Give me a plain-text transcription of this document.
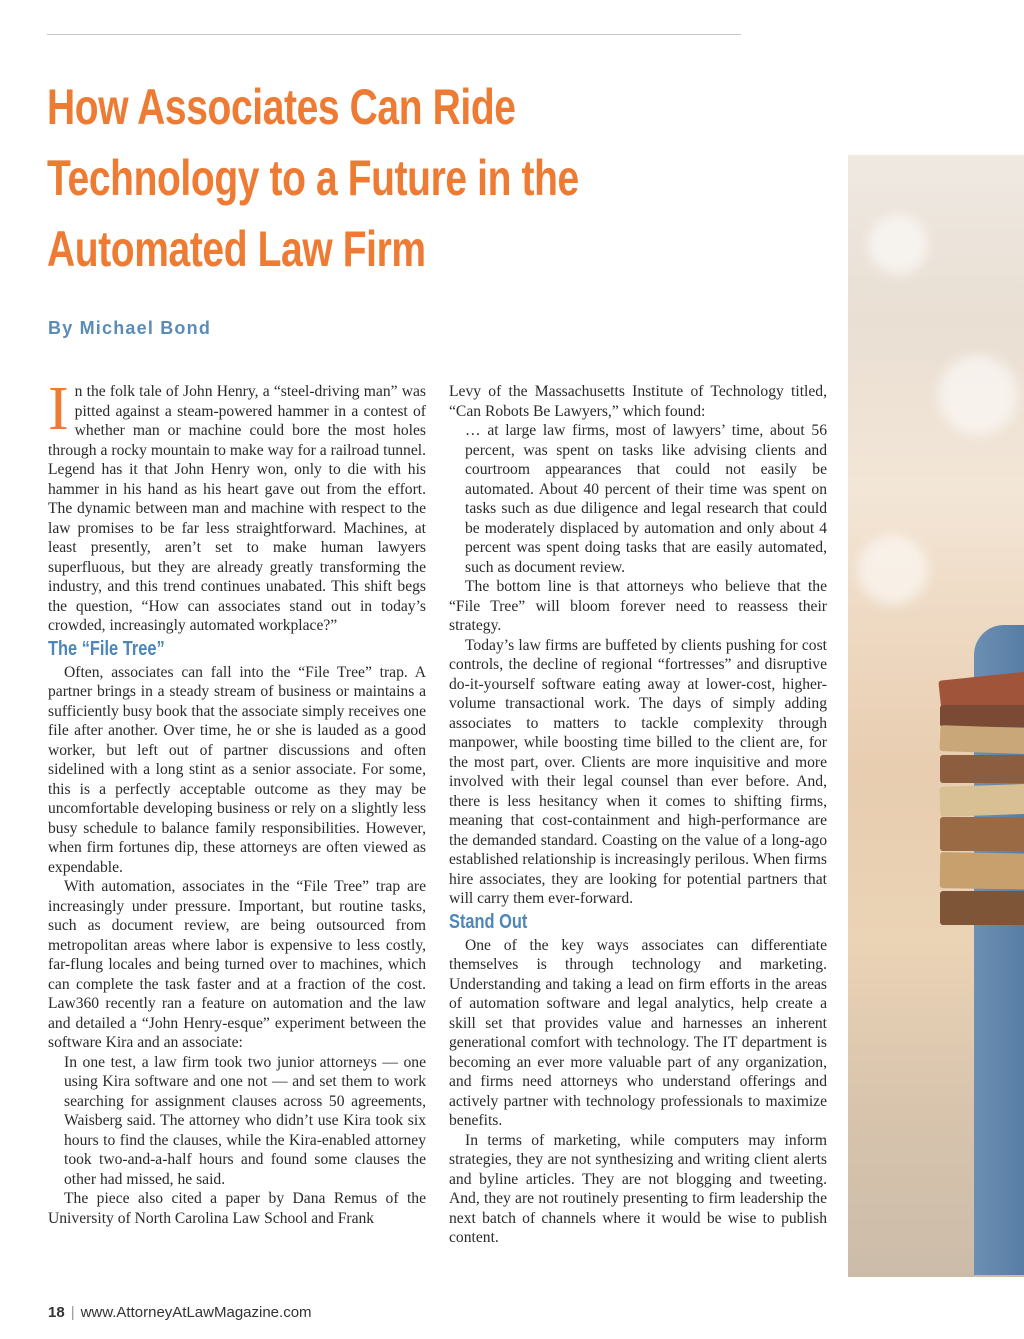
How Associates Can Ride Technology to a Future in the Automated Law Firm
By Michael Bond

In the folk tale of John Henry, a “steel-driving man” was pitted against a steam-powered hammer in a contest of whether man or machine could bore the most holes through a rocky mountain to make way for a railroad tunnel. Legend has it that John Henry won, only to die with his hammer in his hand as his heart gave out from the effort. The dynamic between man and machine with respect to the law promises to be far less straightforward. Machines, at least presently, aren’t set to make human lawyers superfluous, but they are already greatly transforming the industry, and this trend continues unabated. This shift begs the question, “How can associates stand out in today’s crowded, increasingly automated workplace?”

The “File Tree”

Often, associates can fall into the “File Tree” trap. A partner brings in a steady stream of business or maintains a sufficiently busy book that the associate simply receives one file after another. Over time, he or she is lauded as a good worker, but left out of partner discussions and often sidelined with a long stint as a senior associate. For some, this is a perfectly acceptable outcome as they may be uncomfortable developing business or rely on a slightly less busy schedule to balance family responsibilities. However, when firm fortunes dip, these attorneys are often viewed as expendable.

With automation, associates in the “File Tree” trap are increasingly under pressure. Important, but routine tasks, such as document review, are being outsourced from metropolitan areas where labor is expensive to less costly, far-flung locales and being turned over to machines, which can complete the task faster and at a fraction of the cost. Law360 recently ran a feature on automation and the law and detailed a “John Henry-esque” experiment between the software Kira and an associate:

In one test, a law firm took two junior attorneys — one using Kira software and one not — and set them to work searching for assignment clauses across 50 agreements, Waisberg said. The attorney who didn’t use Kira took six hours to find the clauses, while the Kira-enabled attorney took two-and-a-half hours and found some clauses the other had missed, he said.

The piece also cited a paper by Dana Remus of the University of North Carolina Law School and Frank

Levy of the Massachusetts Institute of Technology titled, “Can Robots Be Lawyers,” which found:

… at large law firms, most of lawyers’ time, about 56 percent, was spent on tasks like advising clients and courtroom appearances that could not easily be automated. About 40 percent of their time was spent on tasks such as due diligence and legal research that could be moderately displaced by automation and only about 4 percent was spent doing tasks that are easily automated, such as document review.

The bottom line is that attorneys who believe that the “File Tree” will bloom forever need to reassess their strategy.

Today’s law firms are buffeted by clients pushing for cost controls, the decline of regional “fortresses” and disruptive do-it-yourself software eating away at lower-cost, higher-volume transactional work. The days of simply adding associates to matters to tackle complexity through manpower, while boosting time billed to the client are, for the most part, over. Clients are more inquisitive and more involved with their legal counsel than ever before. And, there is less hesitancy when it comes to shifting firms, meaning that cost-containment and high-performance are the demanded standard. Coasting on the value of a long-ago established relationship is increasingly perilous. When firms hire associates, they are looking for potential partners that will carry them ever-forward.

Stand Out

One of the key ways associates can differentiate themselves is through technology and marketing. Understanding and taking a lead on firm efforts in the areas of automation software and legal analytics, help create a skill set that provides value and harnesses an inherent generational comfort with technology. The IT department is becoming an ever more valuable part of any organization, and firms need attorneys who understand offerings and actively partner with technology professionals to maximize benefits.

In terms of marketing, while computers may inform strategies, they are not synthesizing and writing client alerts and byline articles. They are not blogging and tweeting. And, they are not routinely presenting to firm leadership the next batch of channels where it would be wise to publish content.

18 | www.AttorneyAtLawMagazine.com
